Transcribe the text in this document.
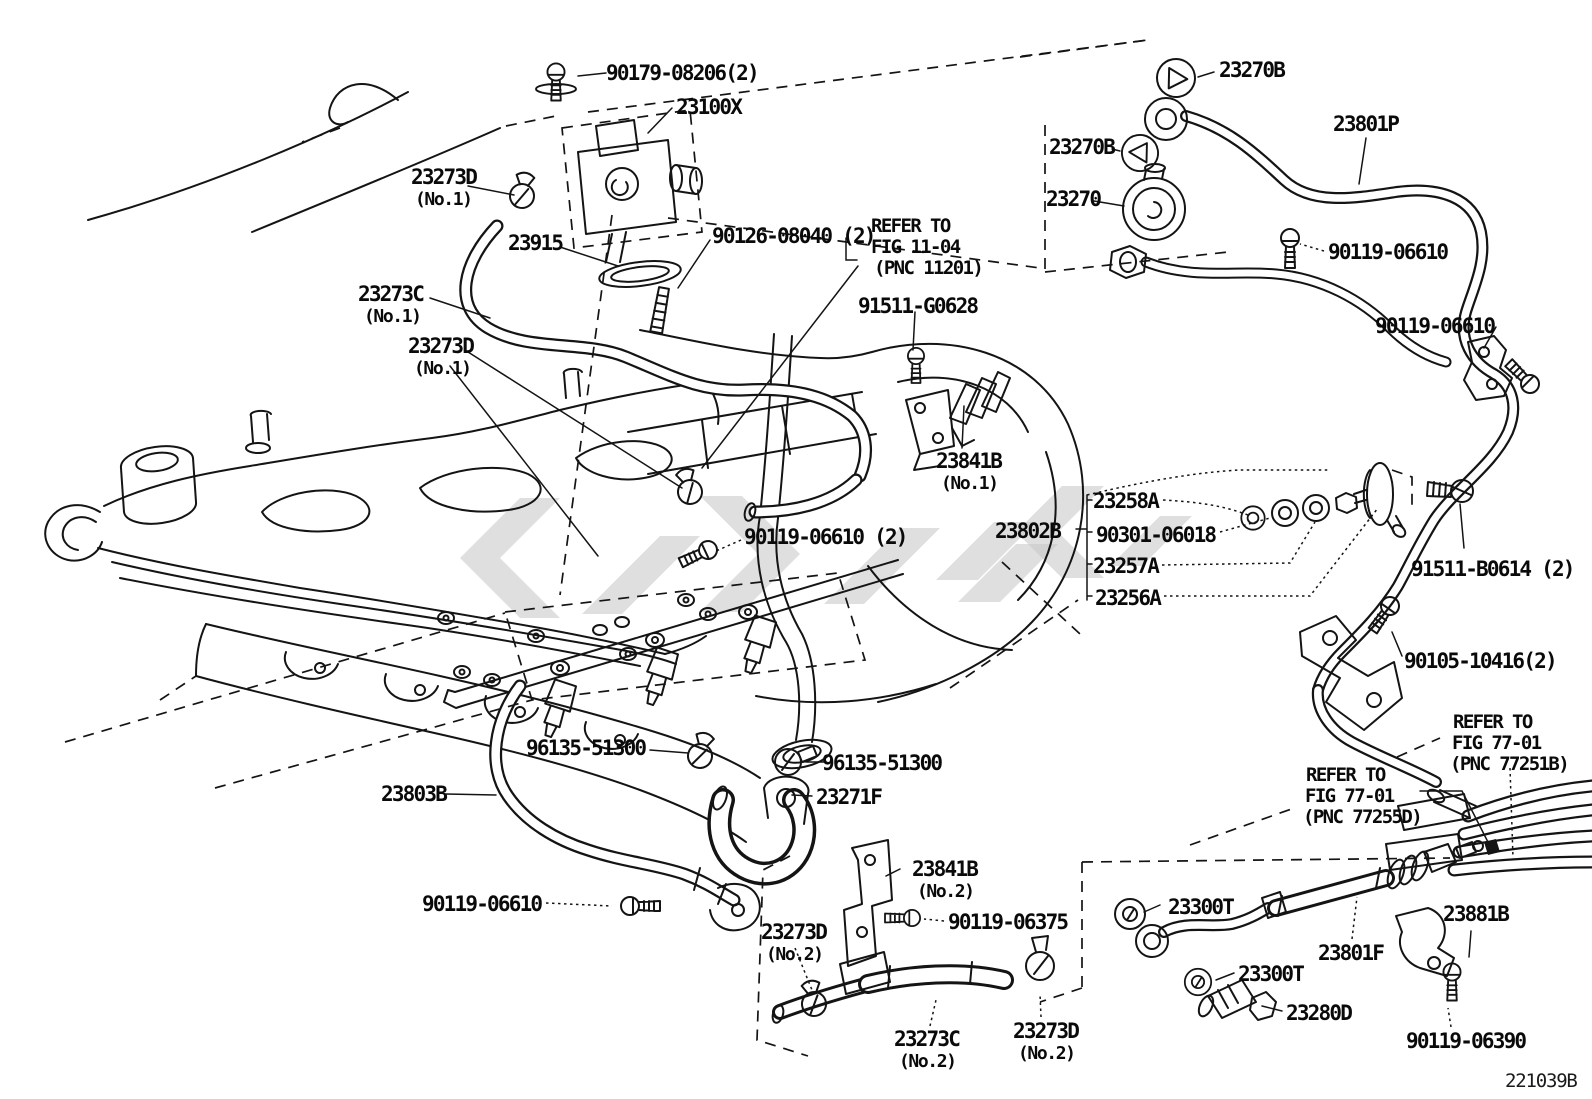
90179-08206(2)
23100X
23273D
(No.1)
23915	90126-08040 (2)
91511-G0628
23273C
(No.1)
23273D
(No.1)
23841B
(No.1)
23258A
23802B 90301-06018
23257A
23256A
91511-B0614 (2)
90119-06610 (2)
90105-10416(2)
96135-51300
96135-51300
23803B	23271F
90119-06610
23841B
(No.2)
90119-06375
23273D
(No.2)
23273C
(No.2)
23273D
(No.2)
23300T
23801F
23881B
23300T
23280D
90119-06390
90119-06610
90119-06610
23801P
23270B
23270B
23270
REFER TO
FIG 11-04
(PNC 11201)
REFER TO
FIG 77-01
(PNC 77255D)
REFER TO
FIG 77-01
(PNC 77251B)
221039B
